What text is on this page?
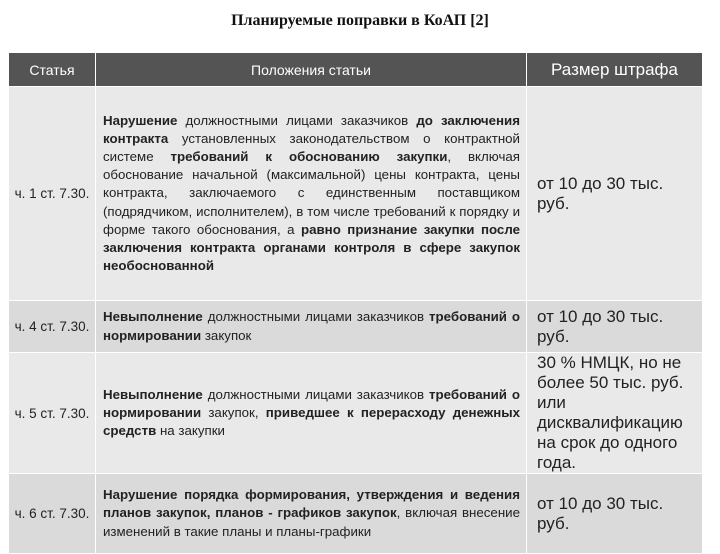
Планируемые поправки в КоАП [2]
Статья	Положения статьи	Размер штрафа
ч. 1 ст. 7.30.	Нарушение должностными лицами заказчиков до заключения контракта установленных законодательством о контрактной системе требований к обоснованию закупки, включая обоснование начальной (максимальной) цены контракта, цены контракта, заключаемого с единственным поставщиком (подрядчиком, исполнителем), в том числе требований к порядку и форме такого обоснования, а равно признание закупки после заключения контракта органами контроля в сфере закупок необоснованной	от 10 до 30 тыс. руб.
ч. 4 ст. 7.30.	Невыполнение должностными лицами заказчиков требований о нормировании закупок	от 10 до 30 тыс. руб.
ч. 5 ст. 7.30.	Невыполнение должностными лицами заказчиков требований о нормировании закупок, приведшее к перерасходу денежных средств на закупки	30 % НМЦК, но не более 50 тыс. руб. или дисквалификацию на срок до одного года.
ч. 6 ст. 7.30.	Нарушение порядка формирования, утверждения и ведения планов закупок, планов - графиков закупок, включая внесение изменений в такие планы и планы-графики	от 10 до 30 тыс. руб.
